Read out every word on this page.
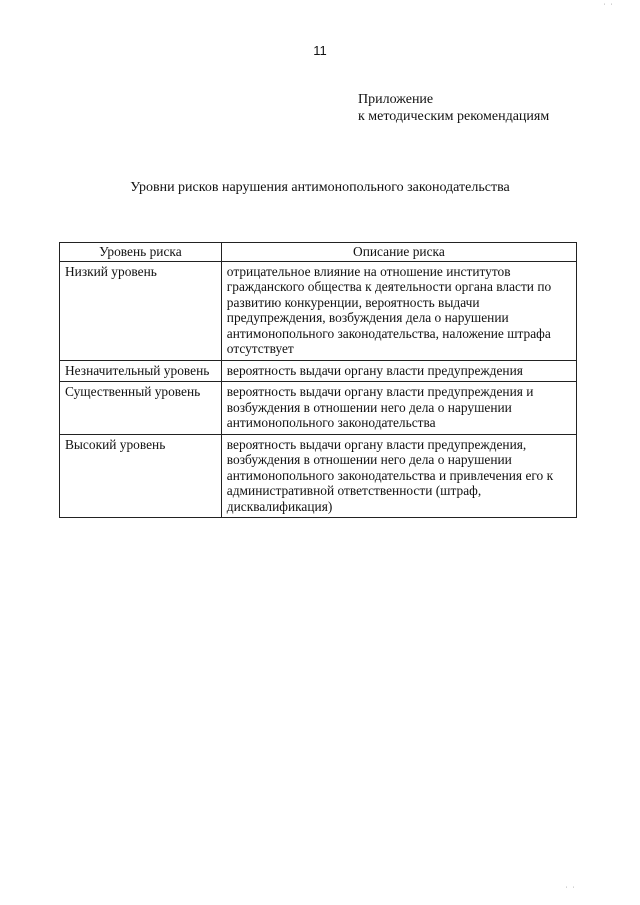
11
Приложение
к методическим рекомендациям
Уровни рисков нарушения антимонопольного законодательства
Уровень риска	Описание риска
Низкий уровень	отрицательное влияние на отношение институтов гражданского общества к деятельности органа власти по развитию конкуренции, вероятность выдачи предупреждения, возбуждения дела о нарушении антимонопольного законодательства, наложение штрафа отсутствует
Незначительный уровень	вероятность выдачи органу власти предупреждения
Существенный уровень	вероятность выдачи органу власти предупреждения и возбуждения в отношении него дела о нарушении антимонопольного законодательства
Высокий уровень	вероятность выдачи органу власти предупреждения, возбуждения в отношении него дела о нарушении антимонопольного законодательства и привлечения его к административной ответственности (штраф, дисквалификация)
' '
' '
